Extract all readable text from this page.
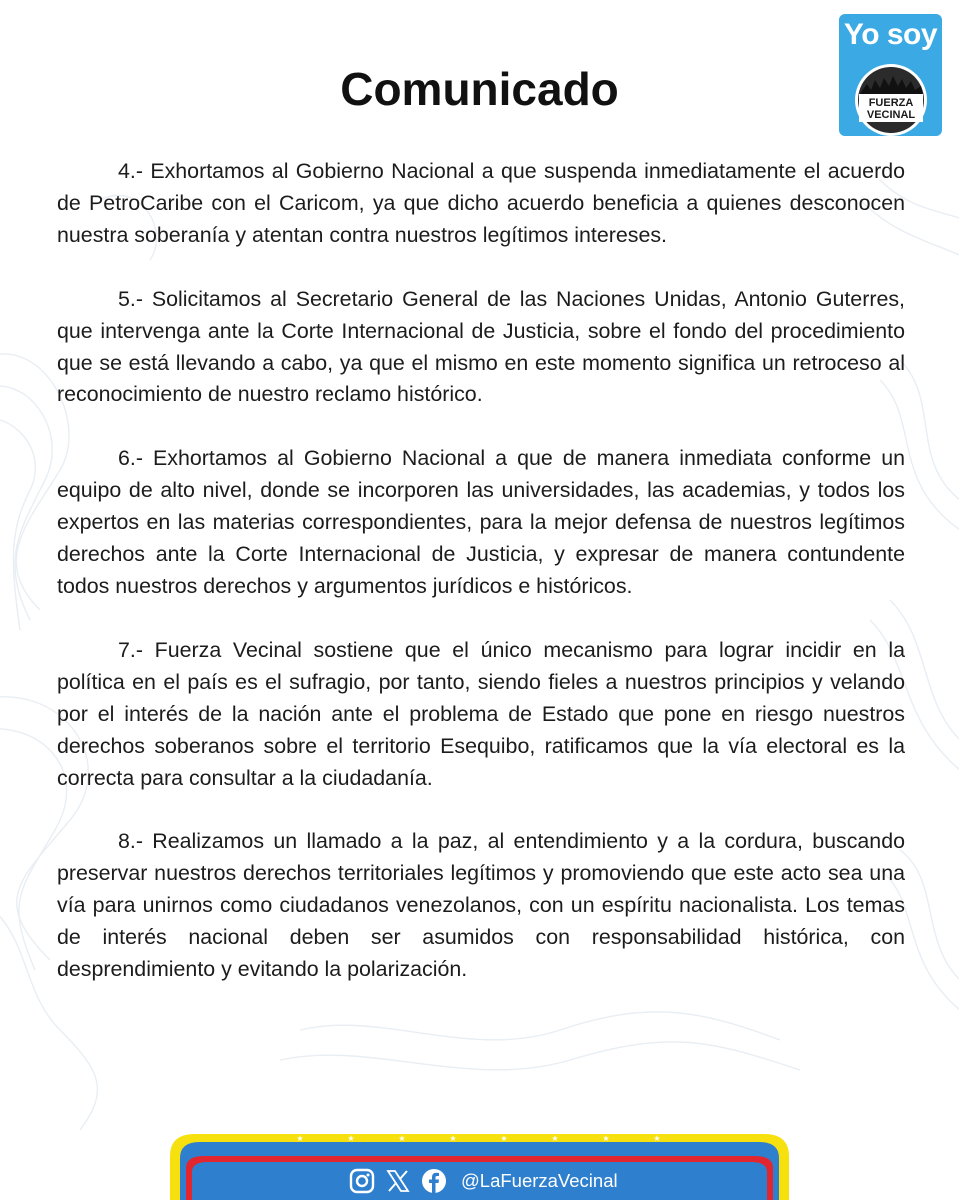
Yo soy
FUERZA
VECINAL
Comunicado

4.- Exhortamos al Gobierno Nacional a que suspenda inmediatamente el acuerdo de PetroCaribe con el Caricom, ya que dicho acuerdo beneficia a quienes desconocen nuestra soberanía y atentan contra nuestros legítimos intereses.

5.- Solicitamos al Secretario General de las Naciones Unidas, Antonio Guterres, que intervenga ante la Corte Internacional de Justicia, sobre el fondo del procedimiento que se está llevando a cabo, ya que el mismo en este momento significa un retroceso al reconocimiento de nuestro reclamo histórico.

6.- Exhortamos al Gobierno Nacional a que de manera inmediata conforme un equipo de alto nivel, donde se incorporen las universidades, las academias, y todos los expertos en las materias correspondientes, para la mejor defensa de nuestros legítimos derechos ante la Corte Internacional de Justicia, y expresar de manera contundente todos nuestros derechos y argumentos jurídicos e históricos.

7.- Fuerza Vecinal sostiene que el único mecanismo para lograr incidir en la política en el país es el sufragio, por tanto, siendo fieles a nuestros principios y velando por el interés de la nación ante el problema de Estado que pone en riesgo nuestros derechos soberanos sobre el territorio Esequibo, ratificamos que la vía electoral es la correcta para consultar a la ciudadanía.

8.- Realizamos un llamado a la paz, al entendimiento y a la cordura, buscando preservar nuestros derechos territoriales legítimos y promoviendo que este acto sea una vía para unirnos como ciudadanos venezolanos, con un espíritu nacionalista. Los temas de interés nacional deben ser asumidos con responsabilidad histórica, con desprendimiento y evitando la polarización.

★	★	★	★	★	★	★	★
@LaFuerzaVecinal
